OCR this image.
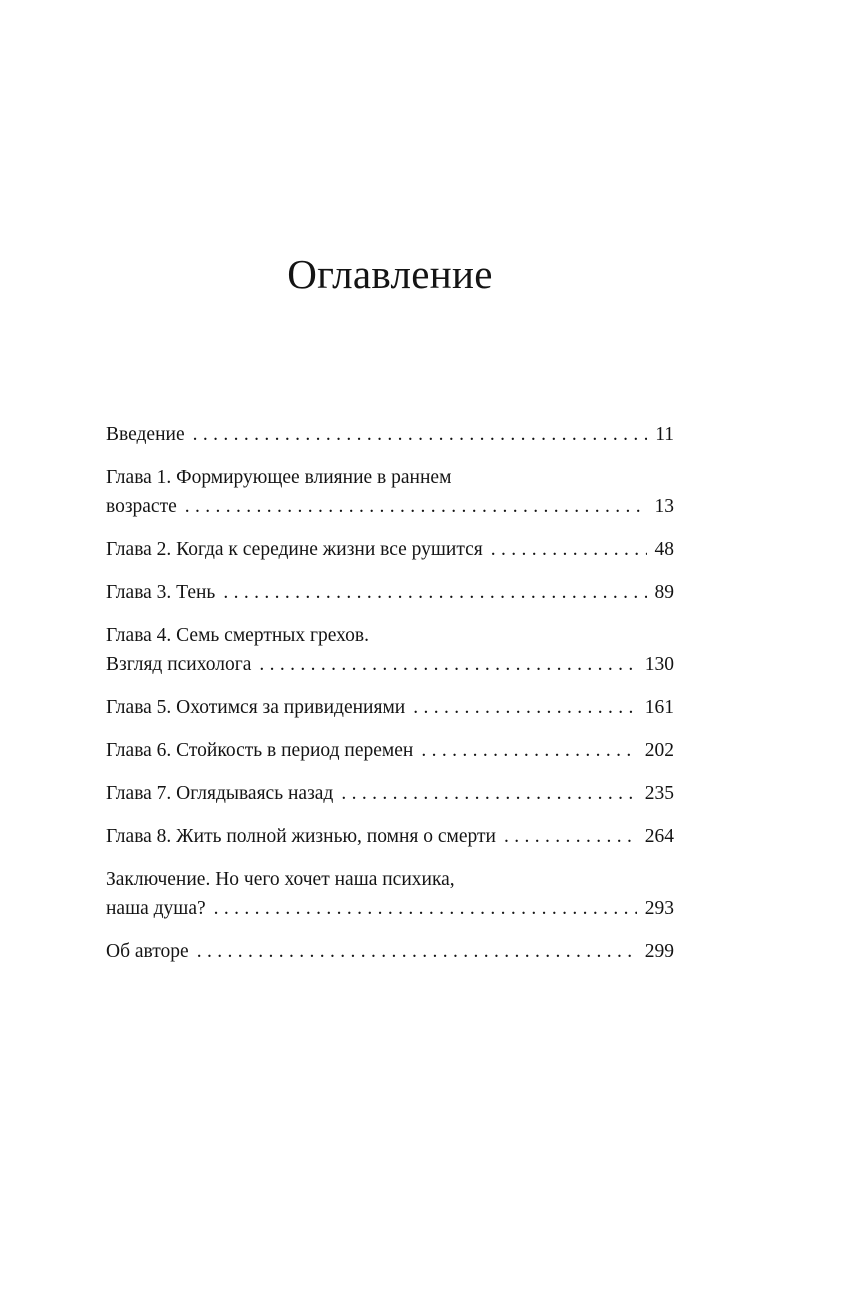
Оглавление
Введение . . .	11
Глава 1. Формирующее влияние в раннем
возрасте . . .	13
Глава 2. Когда к середине жизни все рушится . . .	48
Глава 3. Тень . . .	89
Глава 4. Семь смертных грехов.
Взгляд психолога . . .	130
Глава 5. Охотимся за привидениями . . .	161
Глава 6. Стойкость в период перемен . . .	202
Глава 7. Оглядываясь назад . . .	235
Глава 8. Жить полной жизнью, помня о смерти . . .	264
Заключение. Но чего хочет наша психика,
наша душа? . . .	293
Об авторе . . .	299
